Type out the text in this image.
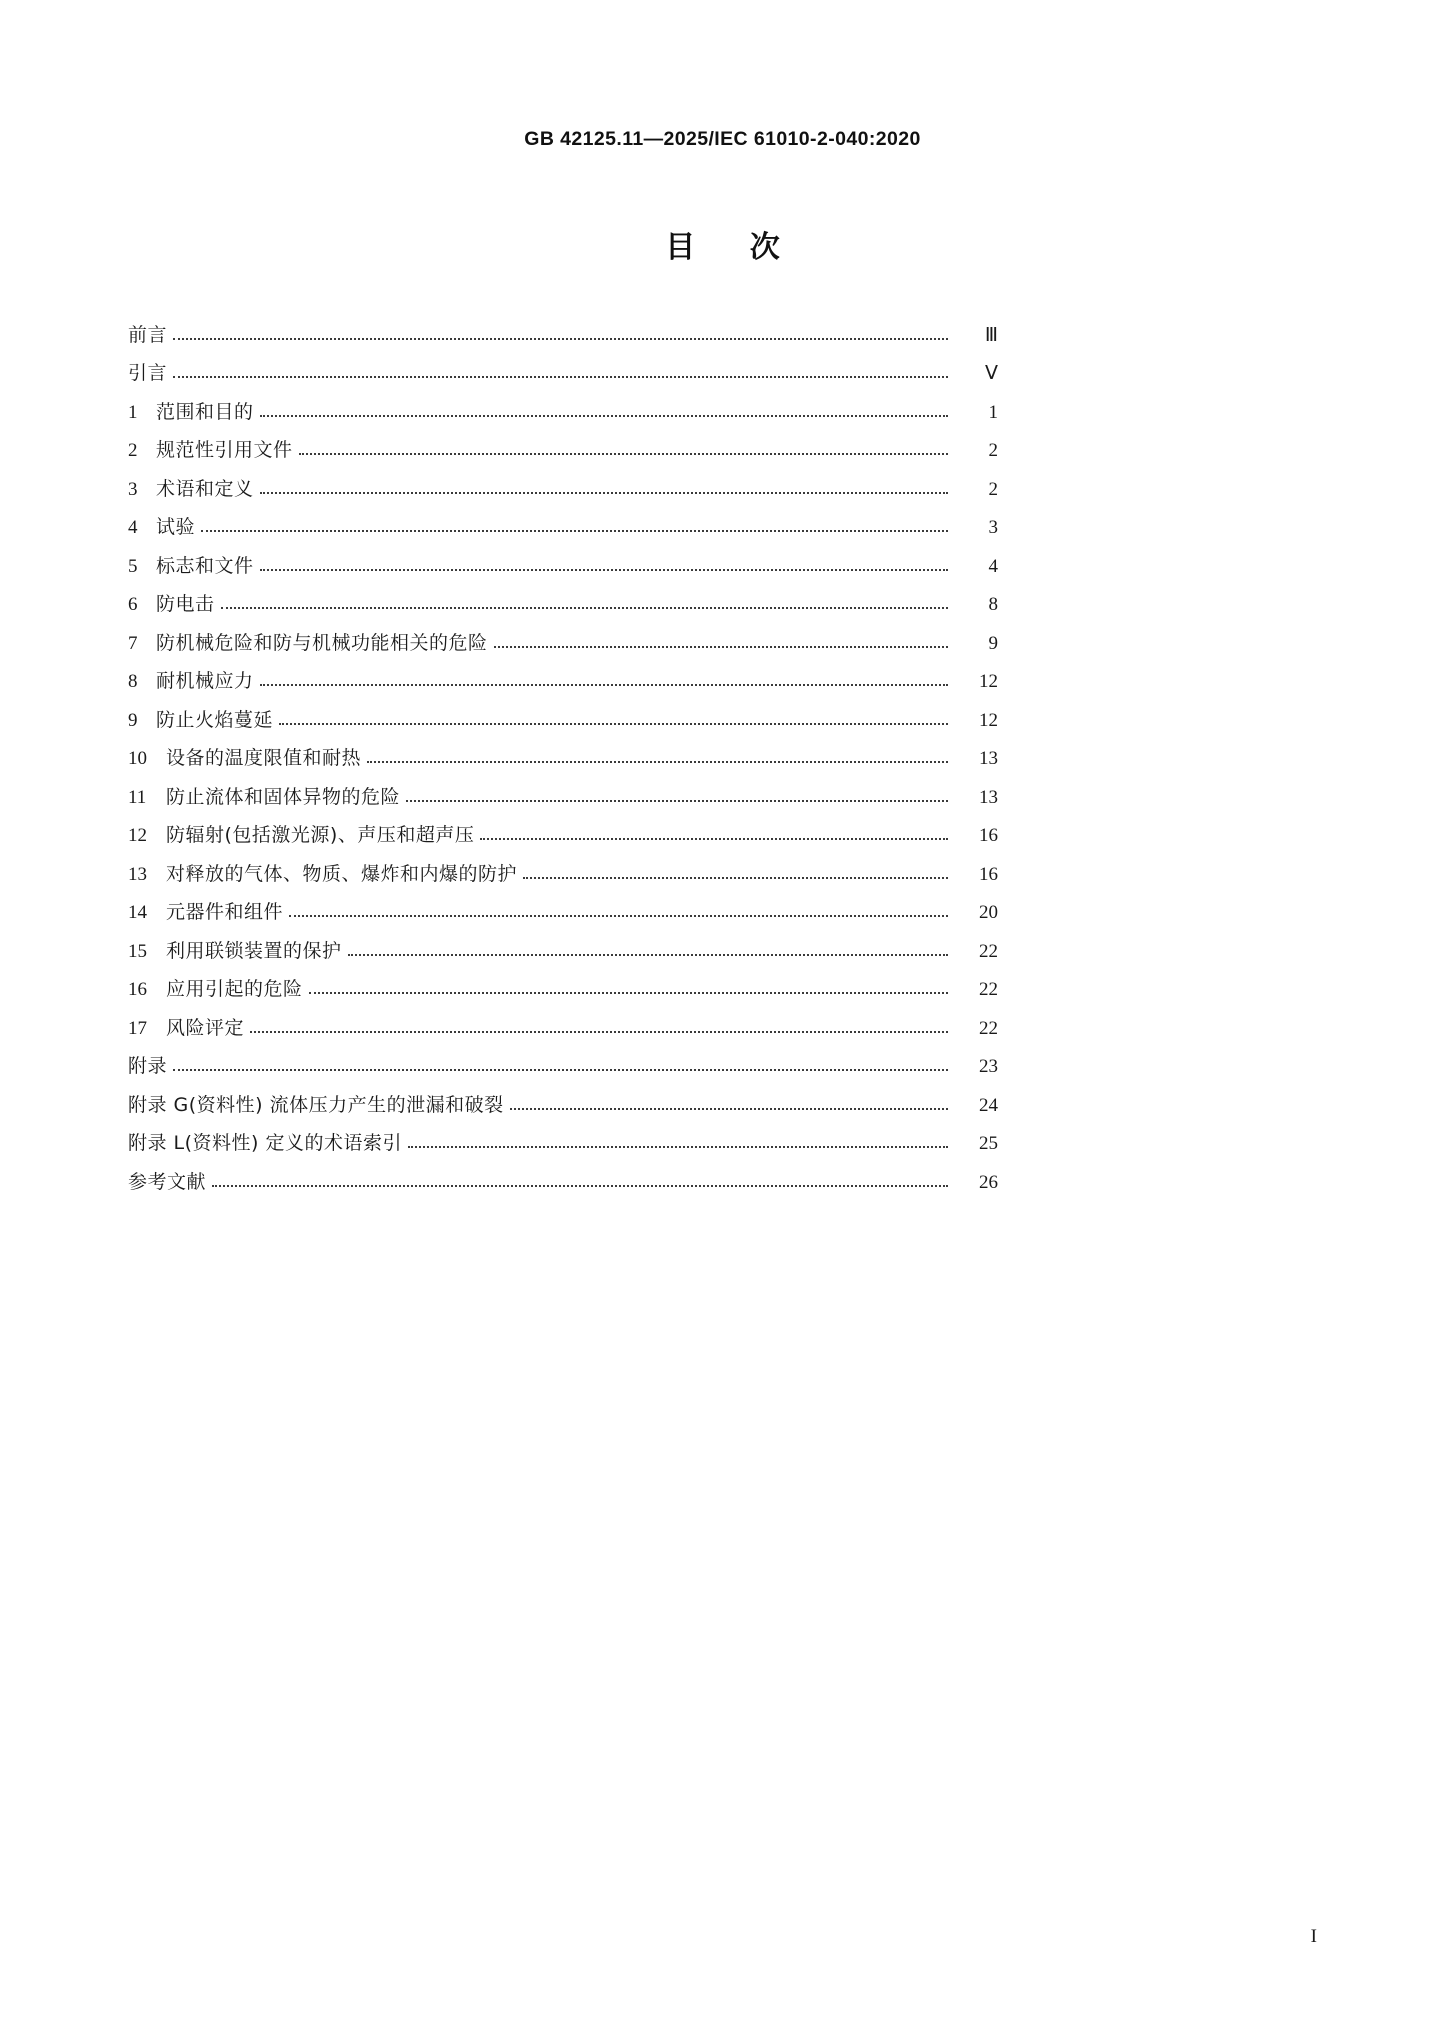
GB 42125.11—2025/IEC 61010-2-040:2020
目 次
前言	Ⅲ
引言	Ⅴ
1 范围和目的	1
2 规范性引用文件	2
3 术语和定义	2
4 试验	3
5 标志和文件	4
6 防电击	8
7 防机械危险和防与机械功能相关的危险	9
8 耐机械应力	12
9 防止火焰蔓延	12
10	设备的温度限值和耐热	13
11	防止流体和固体异物的危险	13
12	防辐射(包括激光源)、声压和超声压	16
13	对释放的气体、物质、爆炸和内爆的防护	16
14	元器件和组件	20
15	利用联锁装置的保护	22
16	应用引起的危险	22
17	风险评定	22
附录	23
附录 G(资料性) 流体压力产生的泄漏和破裂	24
附录 L(资料性) 定义的术语索引	25
参考文献	26
I
